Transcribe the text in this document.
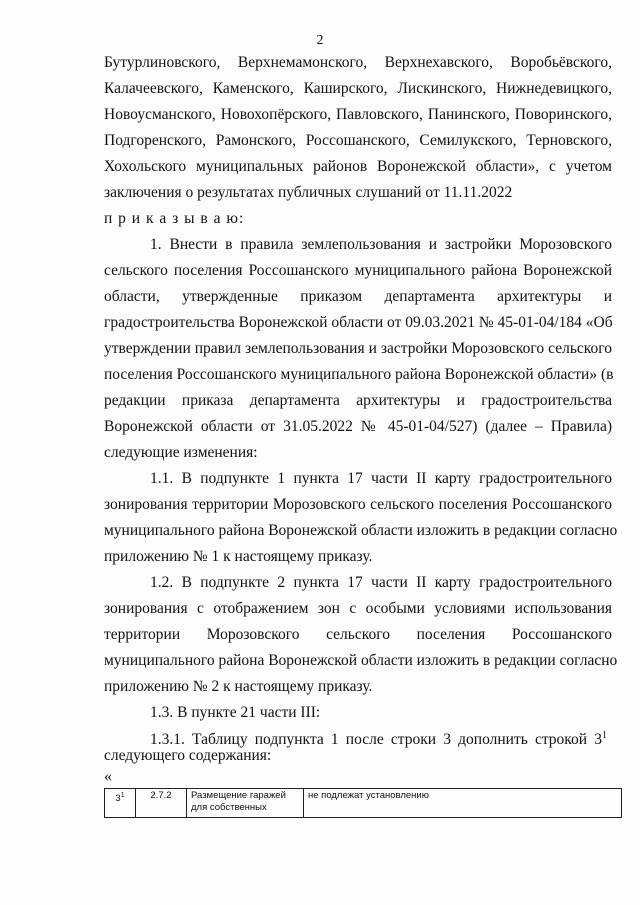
2
Бутурлиновского, Верхнемамонского, Верхнехавского, Воробьёвского,
Калачеевского, Каменского, Каширского, Лискинского, Нижнедевицкого,
Новоусманского, Новохопёрского, Павловского, Панинского, Поворинского,
Подгоренского, Рамонского, Россошанского, Семилукского, Терновского,
Хохольского муниципальных районов Воронежской области», с учетом
заключения о результатах публичных слушаний от 11.11.2022
п р и к а з ы в а ю:
1. Внести в правила землепользования и застройки Морозовского
сельского поселения Россошанского муниципального района Воронежской
области, утвержденные приказом департамента архитектуры и
градостроительства Воронежской области от 09.03.2021 № 45-01-04/184 «Об
утверждении правил землепользования и застройки Морозовского сельского
поселения Россошанского муниципального района Воронежской области» (в
редакции приказа департамента архитектуры и градостроительства
Воронежской области от 31.05.2022 № 45-01-04/527) (далее – Правила)
следующие изменения:
1.1. В подпункте 1 пункта 17 части II карту градостроительного
зонирования территории Морозовского сельского поселения Россошанского
муниципального района Воронежской области изложить в редакции согласно
приложению № 1 к настоящему приказу.
1.2. В подпункте 2 пункта 17 части II карту градостроительного
зонирования с отображением зон с особыми условиями использования
территории Морозовского сельского поселения Россошанского
муниципального района Воронежской области изложить в редакции согласно
приложению № 2 к настоящему приказу.
1.3. В пункте 21 части III:
1.3.1. Таблицу подпункта 1 после строки 3 дополнить строкой $3^1$
следующего содержания:
«
$3^1$	2.7.2	Размещение гаражей для собственных	не подлежат установлению
